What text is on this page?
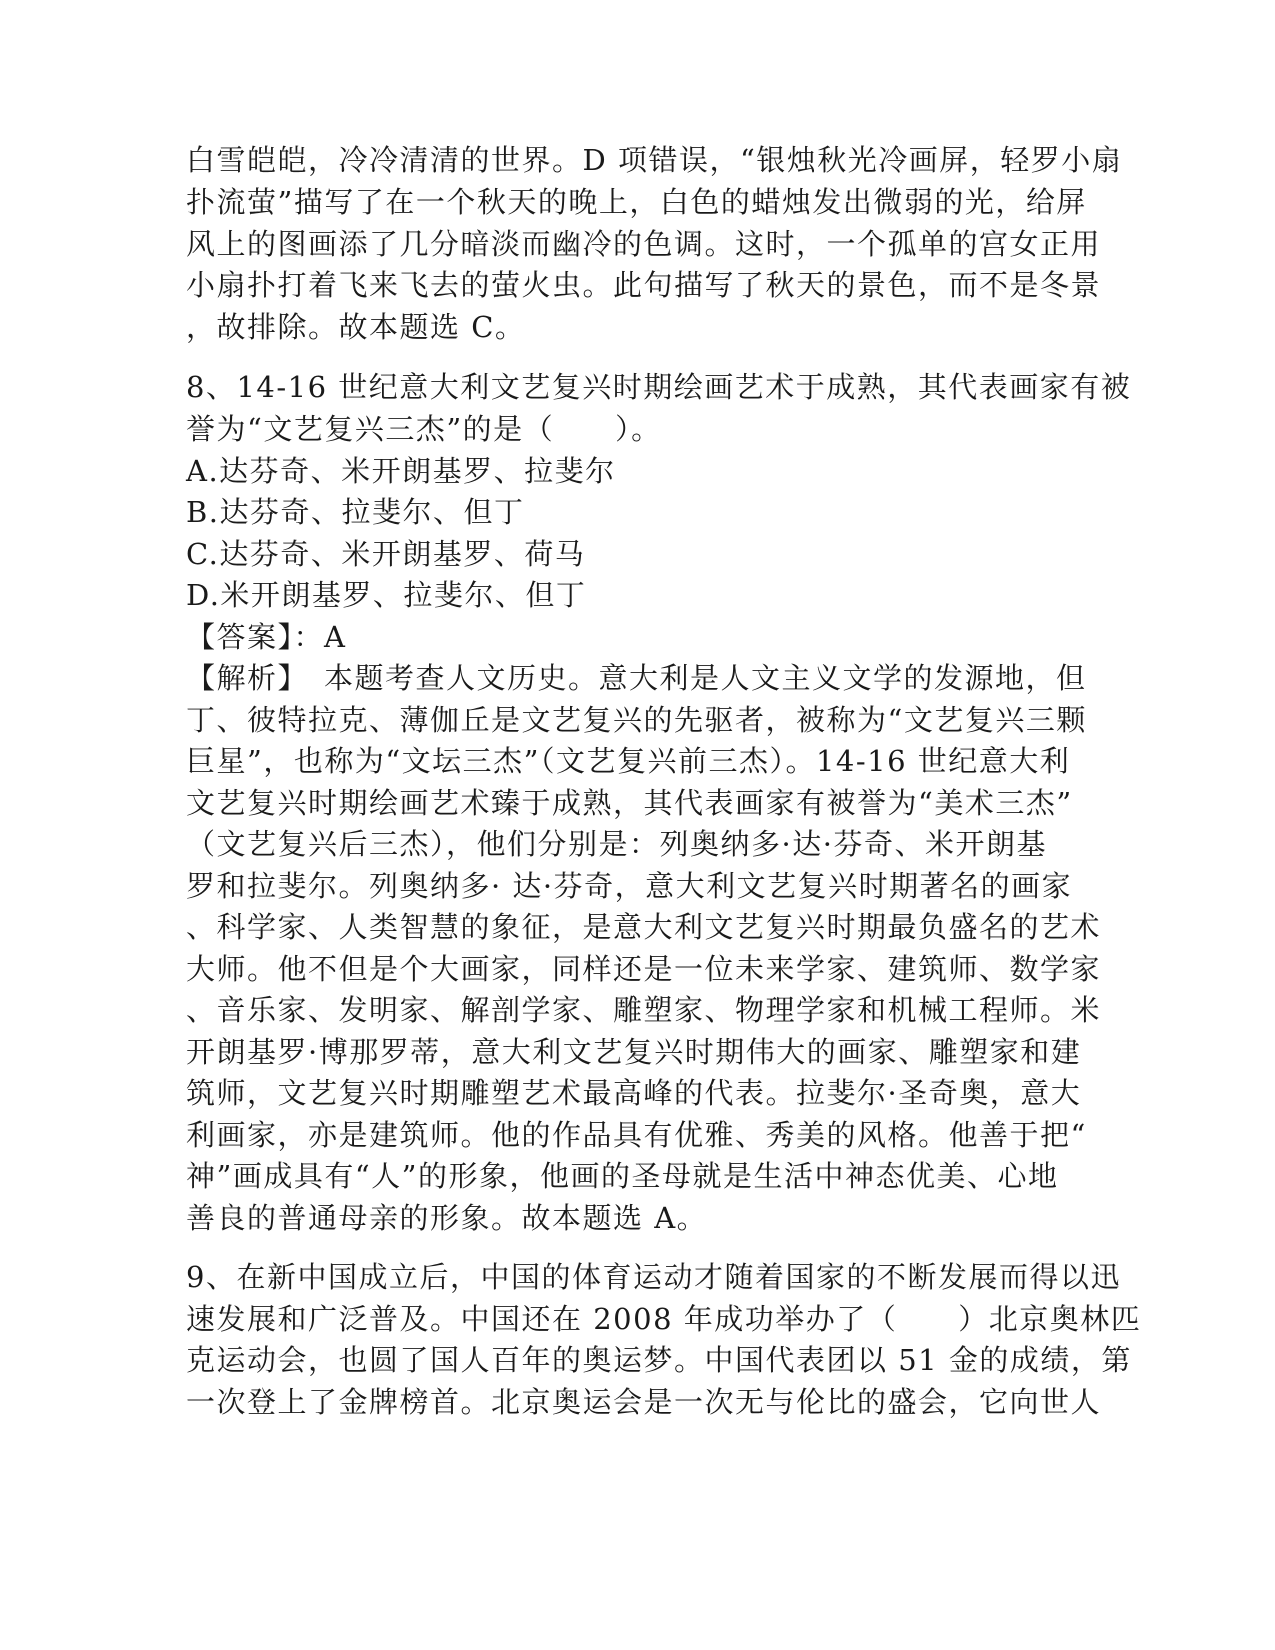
白雪皑皑，冷冷清清的世界。D 项错误，“银烛秋光冷画屏，轻罗小扇
扑流萤”描写了在一个秋天的晚上，白色的蜡烛发出微弱的光，给屏
风上的图画添了几分暗淡而幽冷的色调。这时，一个孤单的宫女正用
小扇扑打着飞来飞去的萤火虫。此句描写了秋天的景色，而不是冬景
，故排除。故本题选 C。
8、14-16 世纪意大利文艺复兴时期绘画艺术于成熟，其代表画家有被
誉为“文艺复兴三杰”的是（　　）。
A.达芬奇、米开朗基罗、拉斐尔
B.达芬奇、拉斐尔、但丁
C.达芬奇、米开朗基罗、荷马
D.米开朗基罗、拉斐尔、但丁
【答案】：A
【解析】　本题考查人文历史。意大利是人文主义文学的发源地，但
丁、彼特拉克、薄伽丘是文艺复兴的先驱者，被称为“文艺复兴三颗
巨星”，也称为“文坛三杰”（文艺复兴前三杰）。14-16 世纪意大利
文艺复兴时期绘画艺术臻于成熟，其代表画家有被誉为“美术三杰”
（文艺复兴后三杰），他们分别是：列奥纳多·达·芬奇、米开朗基
罗和拉斐尔。列奥纳多· 达·芬奇，意大利文艺复兴时期著名的画家
、科学家、人类智慧的象征，是意大利文艺复兴时期最负盛名的艺术
大师。他不但是个大画家，同样还是一位未来学家、建筑师、数学家
、音乐家、发明家、解剖学家、雕塑家、物理学家和机械工程师。米
开朗基罗·博那罗蒂，意大利文艺复兴时期伟大的画家、雕塑家和建
筑师，文艺复兴时期雕塑艺术最高峰的代表。拉斐尔·圣奇奥，意大
利画家，亦是建筑师。他的作品具有优雅、秀美的风格。他善于把“
神”画成具有“人”的形象，他画的圣母就是生活中神态优美、心地
善良的普通母亲的形象。故本题选 A。
9、在新中国成立后，中国的体育运动才随着国家的不断发展而得以迅
速发展和广泛普及。中国还在 2008 年成功举办了（　　）北京奥林匹
克运动会，也圆了国人百年的奥运梦。中国代表团以 51 金的成绩，第
一次登上了金牌榜首。北京奥运会是一次无与伦比的盛会，它向世人
